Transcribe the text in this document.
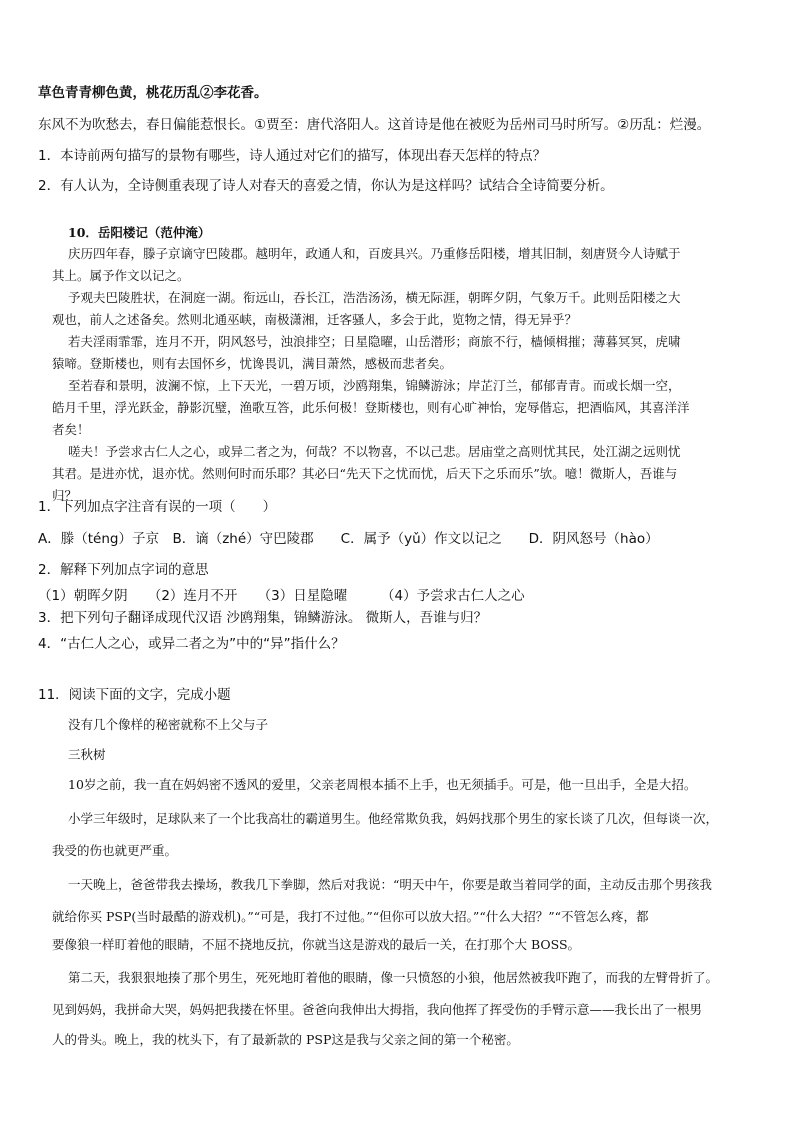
草色青青柳色黄，桃花历乱②李花香。
东风不为吹愁去，春日偏能惹恨长。①贾至：唐代洛阳人。这首诗是他在被贬为岳州司马时所写。②历乱：烂漫。
1．本诗前两句描写的景物有哪些，诗人通过对它们的描写，体现出春天怎样的特点？
2．有人认为，全诗侧重表现了诗人对春天的喜爱之情，你认为是这样吗？试结合全诗简要分析。
10．岳阳楼记（范仲淹）
庆历四年春，滕子京谪守巴陵郡。越明年，政通人和，百废具兴。乃重修岳阳楼，增其旧制，刻唐贤今人诗赋于
其上。属予作文以记之。
予观夫巴陵胜状，在洞庭一湖。衔远山，吞长江，浩浩汤汤，横无际涯，朝晖夕阴，气象万千。此则岳阳楼之大
观也，前人之述备矣。然则北通巫峡，南极潇湘，迁客骚人，多会于此，览物之情，得无异乎？
若夫淫雨霏霏，连月不开，阴风怒号，浊浪排空；日星隐曜，山岳潜形；商旅不行，樯倾楫摧；薄暮冥冥，虎啸
猿啼。登斯楼也，则有去国怀乡，忧谗畏讥，满目萧然，感极而悲者矣。
至若春和景明，波澜不惊，上下天光，一碧万顷，沙鸥翔集，锦鳞游泳；岸芷汀兰，郁郁青青。而或长烟一空，
皓月千里，浮光跃金，静影沉璧，渔歌互答，此乐何极！登斯楼也，则有心旷神怡，宠辱偕忘，把酒临风，其喜洋洋
者矣！
嗟夫！予尝求古仁人之心，或异二者之为，何哉？不以物喜，不以己悲。居庙堂之高则忧其民，处江湖之远则忧
其君。是进亦忧，退亦忧。然则何时而乐耶？其必曰“先天下之忧而忧，后天下之乐而乐”欤。噫！微斯人，吾谁与
归？
1．下列加点字注音有误的一项（　　）
A．滕（téng）子京　B．谪（zhé）守巴陵郡　　C．属予（yǔ）作文以记之　　D．阴风怒号（hào）
2．解释下列加点字词的意思
（1）朝晖夕阴　　（2）连月不开　　（3）日星隐曜　　　（4）予尝求古仁人之心
3．把下列句子翻译成现代汉语 沙鸥翔集，锦鳞游泳。 微斯人，吾谁与归？
4．“古仁人之心，或异二者之为”中的“异”指什么？
11．阅读下面的文字，完成小题
没有几个像样的秘密就称不上父与子
三秋树
10岁之前，我一直在妈妈密不透风的爱里，父亲老周根本插不上手，也无须插手。可是，他一旦出手，全是大招。
小学三年级时，足球队来了一个比我高壮的霸道男生。他经常欺负我，妈妈找那个男生的家长谈了几次，但每谈一次，
我受的伤也就更严重。
一天晚上，爸爸带我去操场，教我几下拳脚，然后对我说：“明天中午，你要是敢当着同学的面，主动反击那个男孩我
就给你买 PSP(当时最酷的游戏机)。”“可是，我打不过他。”“但你可以放大招。”“什么大招？”“不管怎么疼，都
要像狼一样盯着他的眼睛，不屈不挠地反抗，你就当这是游戏的最后一关，在打那个大 BOSS。
第二天，我狠狠地揍了那个男生，死死地盯着他的眼睛，像一只愤怒的小狼，他居然被我吓跑了，而我的左臂骨折了。
见到妈妈，我拼命大哭，妈妈把我搂在怀里。爸爸向我伸出大拇指，我向他挥了挥受伤的手臂示意——我长出了一根男
人的骨头。晚上，我的枕头下，有了最新款的 PSP这是我与父亲之间的第一个秘密。
